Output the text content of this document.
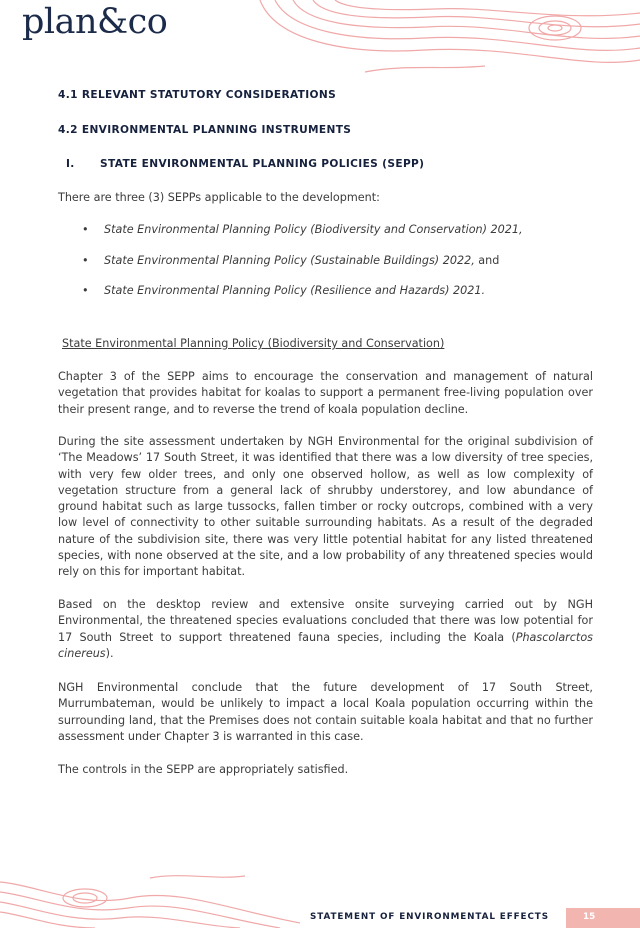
plan&co
4.1 RELEVANT STATUTORY CONSIDERATIONS
4.2 ENVIRONMENTAL PLANNING INSTRUMENTS
I. STATE ENVIRONMENTAL PLANNING POLICIES (SEPP)
There are three (3) SEPPs applicable to the development:
• State Environmental Planning Policy (Biodiversity and Conservation) 2021,
• State Environmental Planning Policy (Sustainable Buildings) 2022, and
• State Environmental Planning Policy (Resilience and Hazards) 2021.
State Environmental Planning Policy (Biodiversity and Conservation)
Chapter 3 of the SEPP aims to encourage the conservation and management of natural vegetation that provides habitat for koalas to support a permanent free-living population over their present range, and to reverse the trend of koala population decline.
During the site assessment undertaken by NGH Environmental for the original subdivision of ‘The Meadows’ 17 South Street, it was identified that there was a low diversity of tree species, with very few older trees, and only one observed hollow, as well as low complexity of vegetation structure from a general lack of shrubby understorey, and low abundance of ground habitat such as large tussocks, fallen timber or rocky outcrops, combined with a very low level of connectivity to other suitable surrounding habitats. As a result of the degraded nature of the subdivision site, there was very little potential habitat for any listed threatened species, with none observed at the site, and a low probability of any threatened species would rely on this for important habitat.
Based on the desktop review and extensive onsite surveying carried out by NGH Environmental, the threatened species evaluations concluded that there was low potential for 17 South Street to support threatened fauna species, including the Koala (Phascolarctos cinereus).
NGH Environmental conclude that the future development of 17 South Street, Murrumbateman, would be unlikely to impact a local Koala population occurring within the surrounding land, that the Premises does not contain suitable koala habitat and that no further assessment under Chapter 3 is warranted in this case.
The controls in the SEPP are appropriately satisfied.
STATEMENT OF ENVIRONMENTAL EFFECTS	15
